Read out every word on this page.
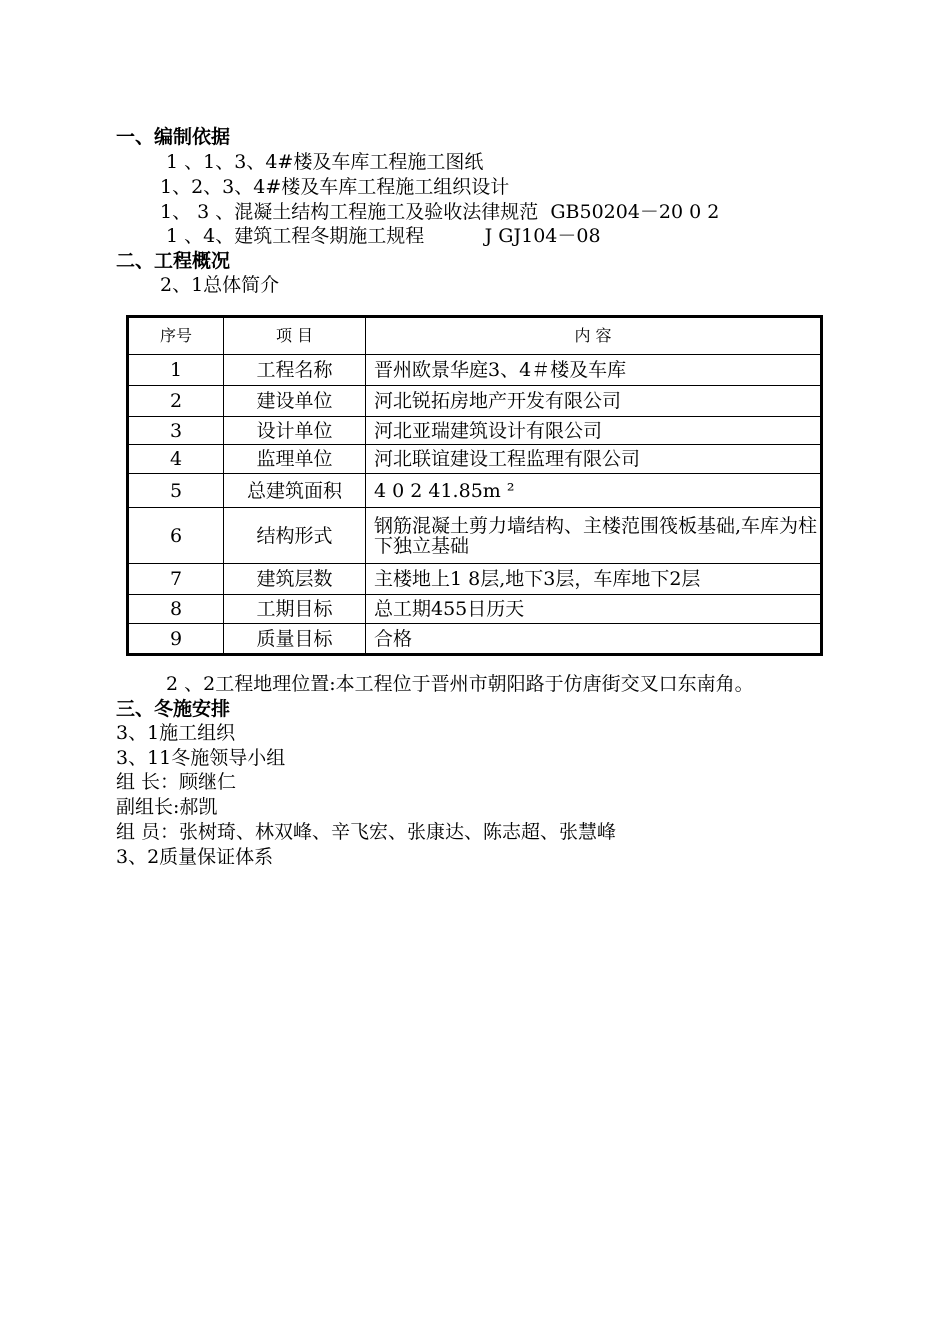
一、编制依据
1 、1、3、4#楼及车库工程施工图纸
1、2、3、4#楼及车库工程施工组织设计
1、 3 、混凝土结构工程施工及验收法律规范  GB50204－20 0 2
1 、4、建筑工程冬期施工规程          J GJ104－08
二、工程概况
2、1总体简介
序号	项 目	内 容
1	工程名称	晋州欧景华庭3、4＃楼及车库
2	建设单位	河北锐拓房地产开发有限公司
3	设计单位	河北亚瑞建筑设计有限公司
4	监理单位	河北联谊建设工程监理有限公司
5	总建筑面积	4 0 2 41.85m ²
6	结构形式	钢筋混凝土剪力墙结构、主楼范围筏板基础,车库为柱下独立基础
7	建筑层数	主楼地上1 8层,地下3层，车库地下2层
8	工期目标	总工期455日历天
9	质量目标	合格
2 、2工程地理位置:本工程位于晋州市朝阳路于仿唐街交叉口东南角。
三、冬施安排
3、1施工组织
3、11冬施领导小组
组 长：顾继仁
副组长:郝凯
组 员：张树琦、林双峰、辛飞宏、张康达、陈志超、张慧峰
3、2质量保证体系
